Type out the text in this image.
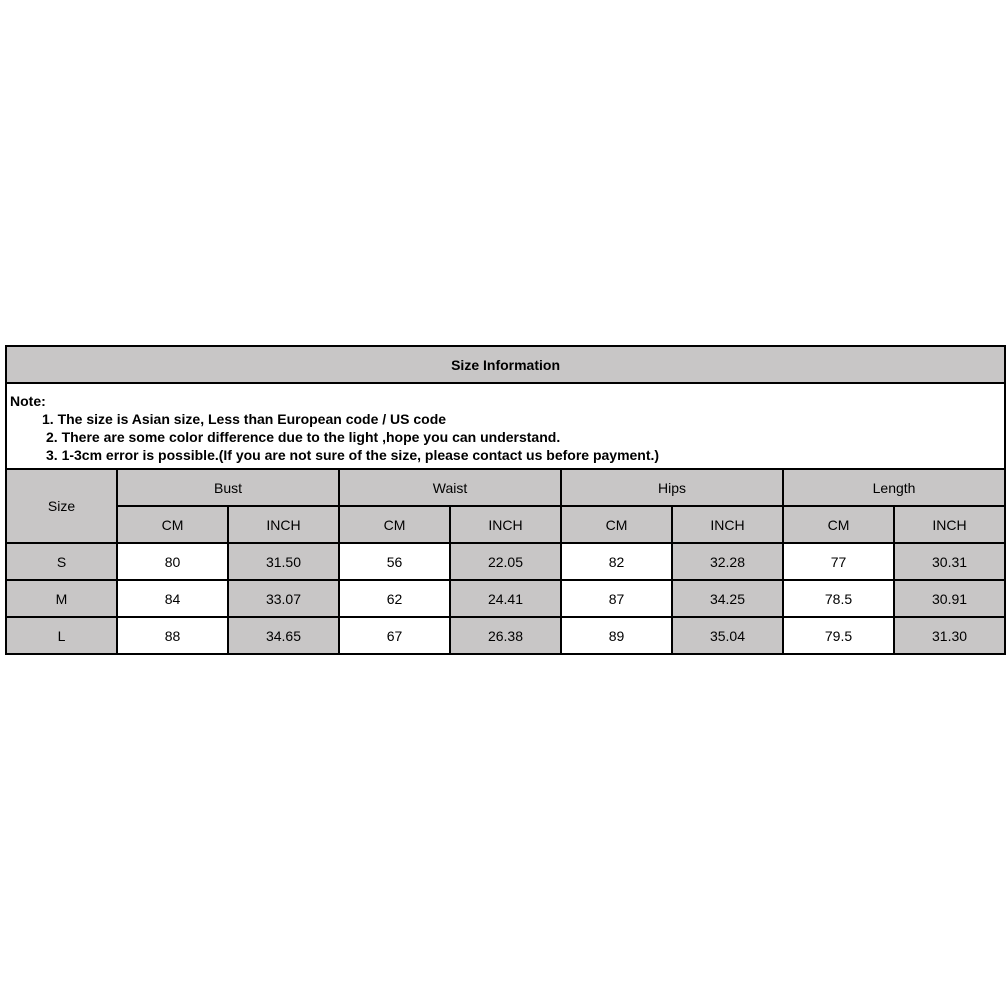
Size Information								

Note:
1. The size is Asian size, Less than European code / US code
2. There are some color difference due to the light ,hope you can understand.
3. 1-3cm error is possible.(If you are not sure of the size, please contact us before payment.)								

Size	Bust		Waist		Hips		Length	
	CM	INCH	CM	INCH	CM	INCH	CM	INCH
S	80	31.50	56	22.05	82	32.28	77	30.31
M	84	33.07	62	24.41	87	34.25	78.5	30.91
L	88	34.65	67	26.38	89	35.04	79.5	31.30
